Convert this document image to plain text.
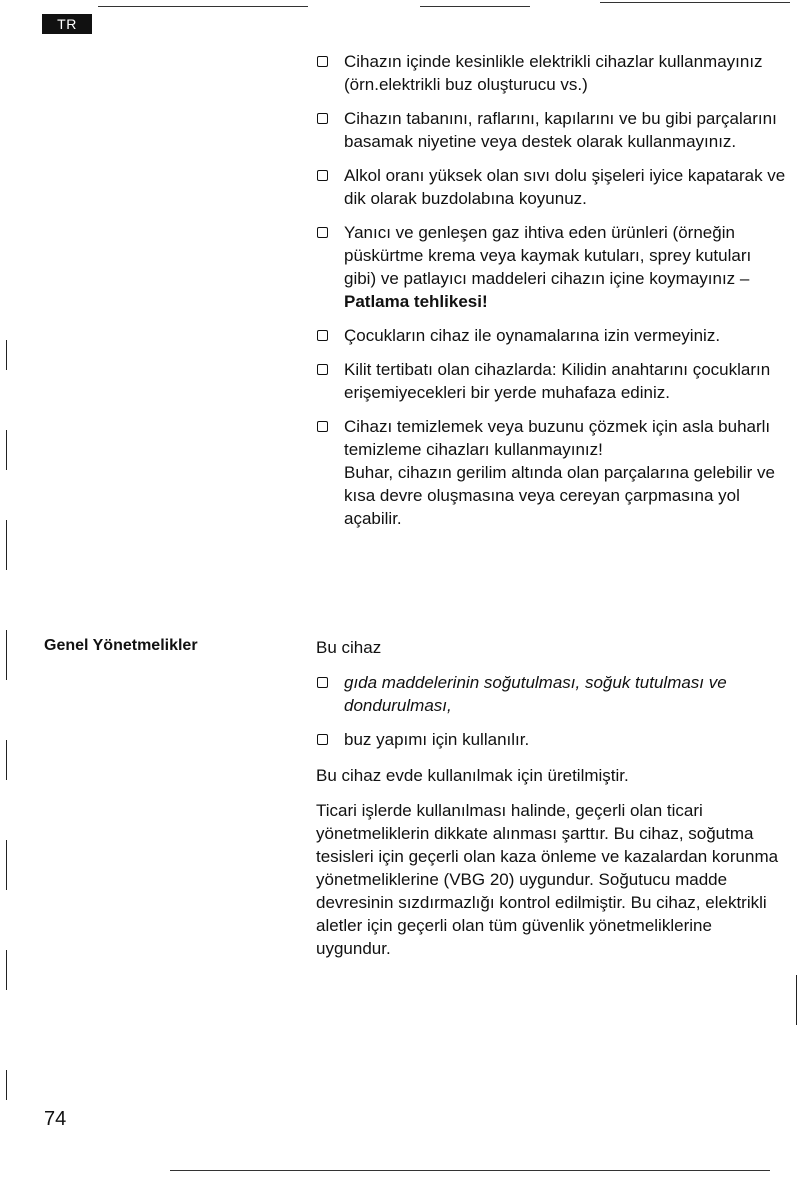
TR
Cihazın içinde kesinlikle elektrikli cihazlar kullanmayınız (örn.elektrikli buz oluşturucu vs.)
Cihazın tabanını, raflarını, kapılarını ve bu gibi parçalarını basamak niyetine veya destek olarak kullanmayınız.
Alkol oranı yüksek olan sıvı dolu şişeleri iyice kapatarak ve dik olarak buzdolabına koyunuz.
Yanıcı ve genleşen gaz ihtiva eden ürünleri (örneğin püskürtme krema veya kaymak kutuları, sprey kutuları gibi) ve patlayıcı maddeleri cihazın içine koymayınız – Patlama tehlikesi!
Çocukların cihaz ile oynamalarına izin vermeyiniz.
Kilit tertibatı olan cihazlarda: Kilidin anahtarını çocukların erişemiyecekleri bir yerde muhafaza ediniz.
Cihazı temizlemek veya buzunu çözmek için asla buharlı temizleme cihazları kullanmayınız!
Buhar, cihazın gerilim altında olan parçalarına gelebilir ve kısa devre oluşmasına veya cereyan çarpmasına yol açabilir.
Genel Yönetmelikler	Bu cihaz

gıda maddelerinin soğutulması, soğuk tutulması ve dondurulması,
buz yapımı için kullanılır.

Bu cihaz evde kullanılmak için üretilmiştir.

Ticari işlerde kullanılması halinde, geçerli olan ticari yönetmeliklerin dikkate alınması şarttır. Bu cihaz, soğutma tesisleri için geçerli olan kaza önleme ve kazalardan korunma yönetmeliklerine (VBG 20) uygundur. Soğutucu madde devresinin sızdırmazlığı kontrol edilmiştir. Bu cihaz, elektrikli aletler için geçerli olan tüm güvenlik yönetmeliklerine uygundur.

74
